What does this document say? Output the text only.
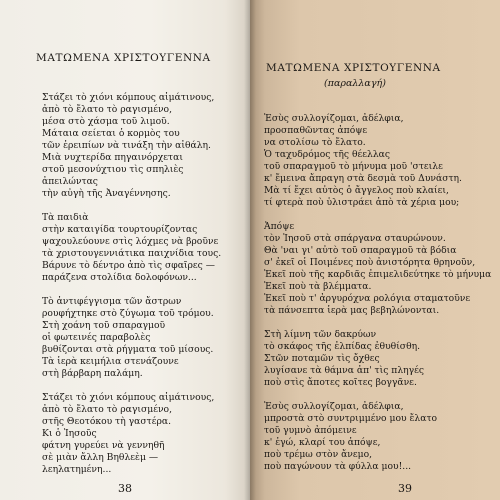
ΜΑΤΩΜΕΝΑ ΧΡΙΣΤΟΥΓΕΝΝΑ
Στάζει τὸ χιόνι κόμπους αἱμάτινους,
ἀπὸ τὸ ἔλατο τὸ ραγισμένο,
μέσα στὸ χάσμα τοῦ λιμοῦ.
Μάταια σείεται ὁ κορμὸς του
τῶν ἐρειπίων νὰ τινάξη τὴν αἰθάλη.
Μιὰ νυχτερίδα πηγαινόρχεται
στοῦ μεσονύχτιου τὶς σπηλιὲς
ἀπειλώντας
τὴν αὐγὴ τῆς Ἀναγέννησης.
Τὰ παιδιὰ
στὴν καταιγίδα τουρτουρίζοντας
ψαχουλεύουνε στὶς λόχμες νὰ βροῦνε
τὰ χριστουγεννιάτικα παιχνίδια τους.
Βάρυνε τὸ δέντρο ἀπὸ τὶς σφαῖρες —
παράζενα στολίδια δολοφόνων...
Τὸ ἀντιφέγγισμα τῶν ἄστρων
ρουφήχτηκε στὸ ζύγωμα τοῦ τρόμου.
Στὴ χοάνη τοῦ σπαραγμοῦ
οἱ φωτεινές παραβολὲς
βυθίζονται στὰ ρήγματα τοῦ μίσους.
Τὰ ἱερὰ κειμήλια στενάζουνε
στὴ βάρβαρη παλάμη.
Στάζει τὸ χιόνι κόμπους αἱμάτινους,
ἀπὸ τὸ ἔλατο τὸ ραγισμένο,
στῆς Θεοτόκου τὴ γαστέρα.
Κι ὁ Ἰησοῦς
φάτνη γυρεύει νὰ γεννηθῆ
σὲ μιὰν ἄλλη Βηθλεὲμ —
λεηλατημένη...
38
ΜΑΤΩΜΕΝΑ ΧΡΙΣΤΟΥΓΕΝΝΑ
(παραλλαγή)
Ἐσὺς συλλογίζομαι, ἀδέλφια,
προσπαθῶντας ἀπόψε
να στολίσω τὸ ἔλατο.
Ὁ ταχυδρόμος τῆς θέελλας
τοῦ σπαραγμοῦ τὸ μήνυμα μοῦ 'στειλε
κ' ἔμεινα ἄπραγη στὰ δεσμὰ τοῦ Δυνάστη.
Μὰ τί ἔχει αὐτὸς ὁ ἄγγελος ποὺ κλαίει,
τί φτερὰ ποὺ ὑλιστράει ἀπὸ τὰ χέρια μου;
Ἀπόψε
τὸν Ἰησοῦ στὰ σπάργανα σταυρώνουν.
Θὰ 'ναι γι' αὐτὸ τοῦ σπαραγμοῦ τὰ βόδια
σ' ἐκεῖ οἱ Ποιμένες ποὺ ἀνιστόρητα θρηνοῦν,
Ἐκεῖ ποὺ τῆς καρδιᾶς ἐπιμελιδεύτηκε τὸ μήνυμα
Ἐκεῖ ποὺ τὰ βλέμματα.
Ἐκεῖ ποὺ τ' ἀργυρόχνα ρολόγια σταματοῦνε
τὰ πάνσεπτα ἱερὰ μας βεβηλώνονται.
Στὴ λίμνη τῶν δακρύων
τὸ σκάφος τῆς ἐλπίδας ἐθυθίσθη.
Στῶν ποταμῶν τὶς ὄχθες
λυγίσανε τὰ θάμνα ἀπ' τὶς πληγές
ποὺ στὶς ἄποτες κοῖτες βογγᾶνε.
Ἐσὺς συλλογίζομαι, ἀδέλφια,
μπροστὰ στὸ συντριμμένο μου ἔλατο
τοῦ γυμνὸ ἀπόμεινε
κ' ἐγώ, κλαρί του ἀπόψε,
ποὺ τρέμω στὸν ἄνεμο,
ποὺ παγώνουν τὰ φύλλα μου!...
39
